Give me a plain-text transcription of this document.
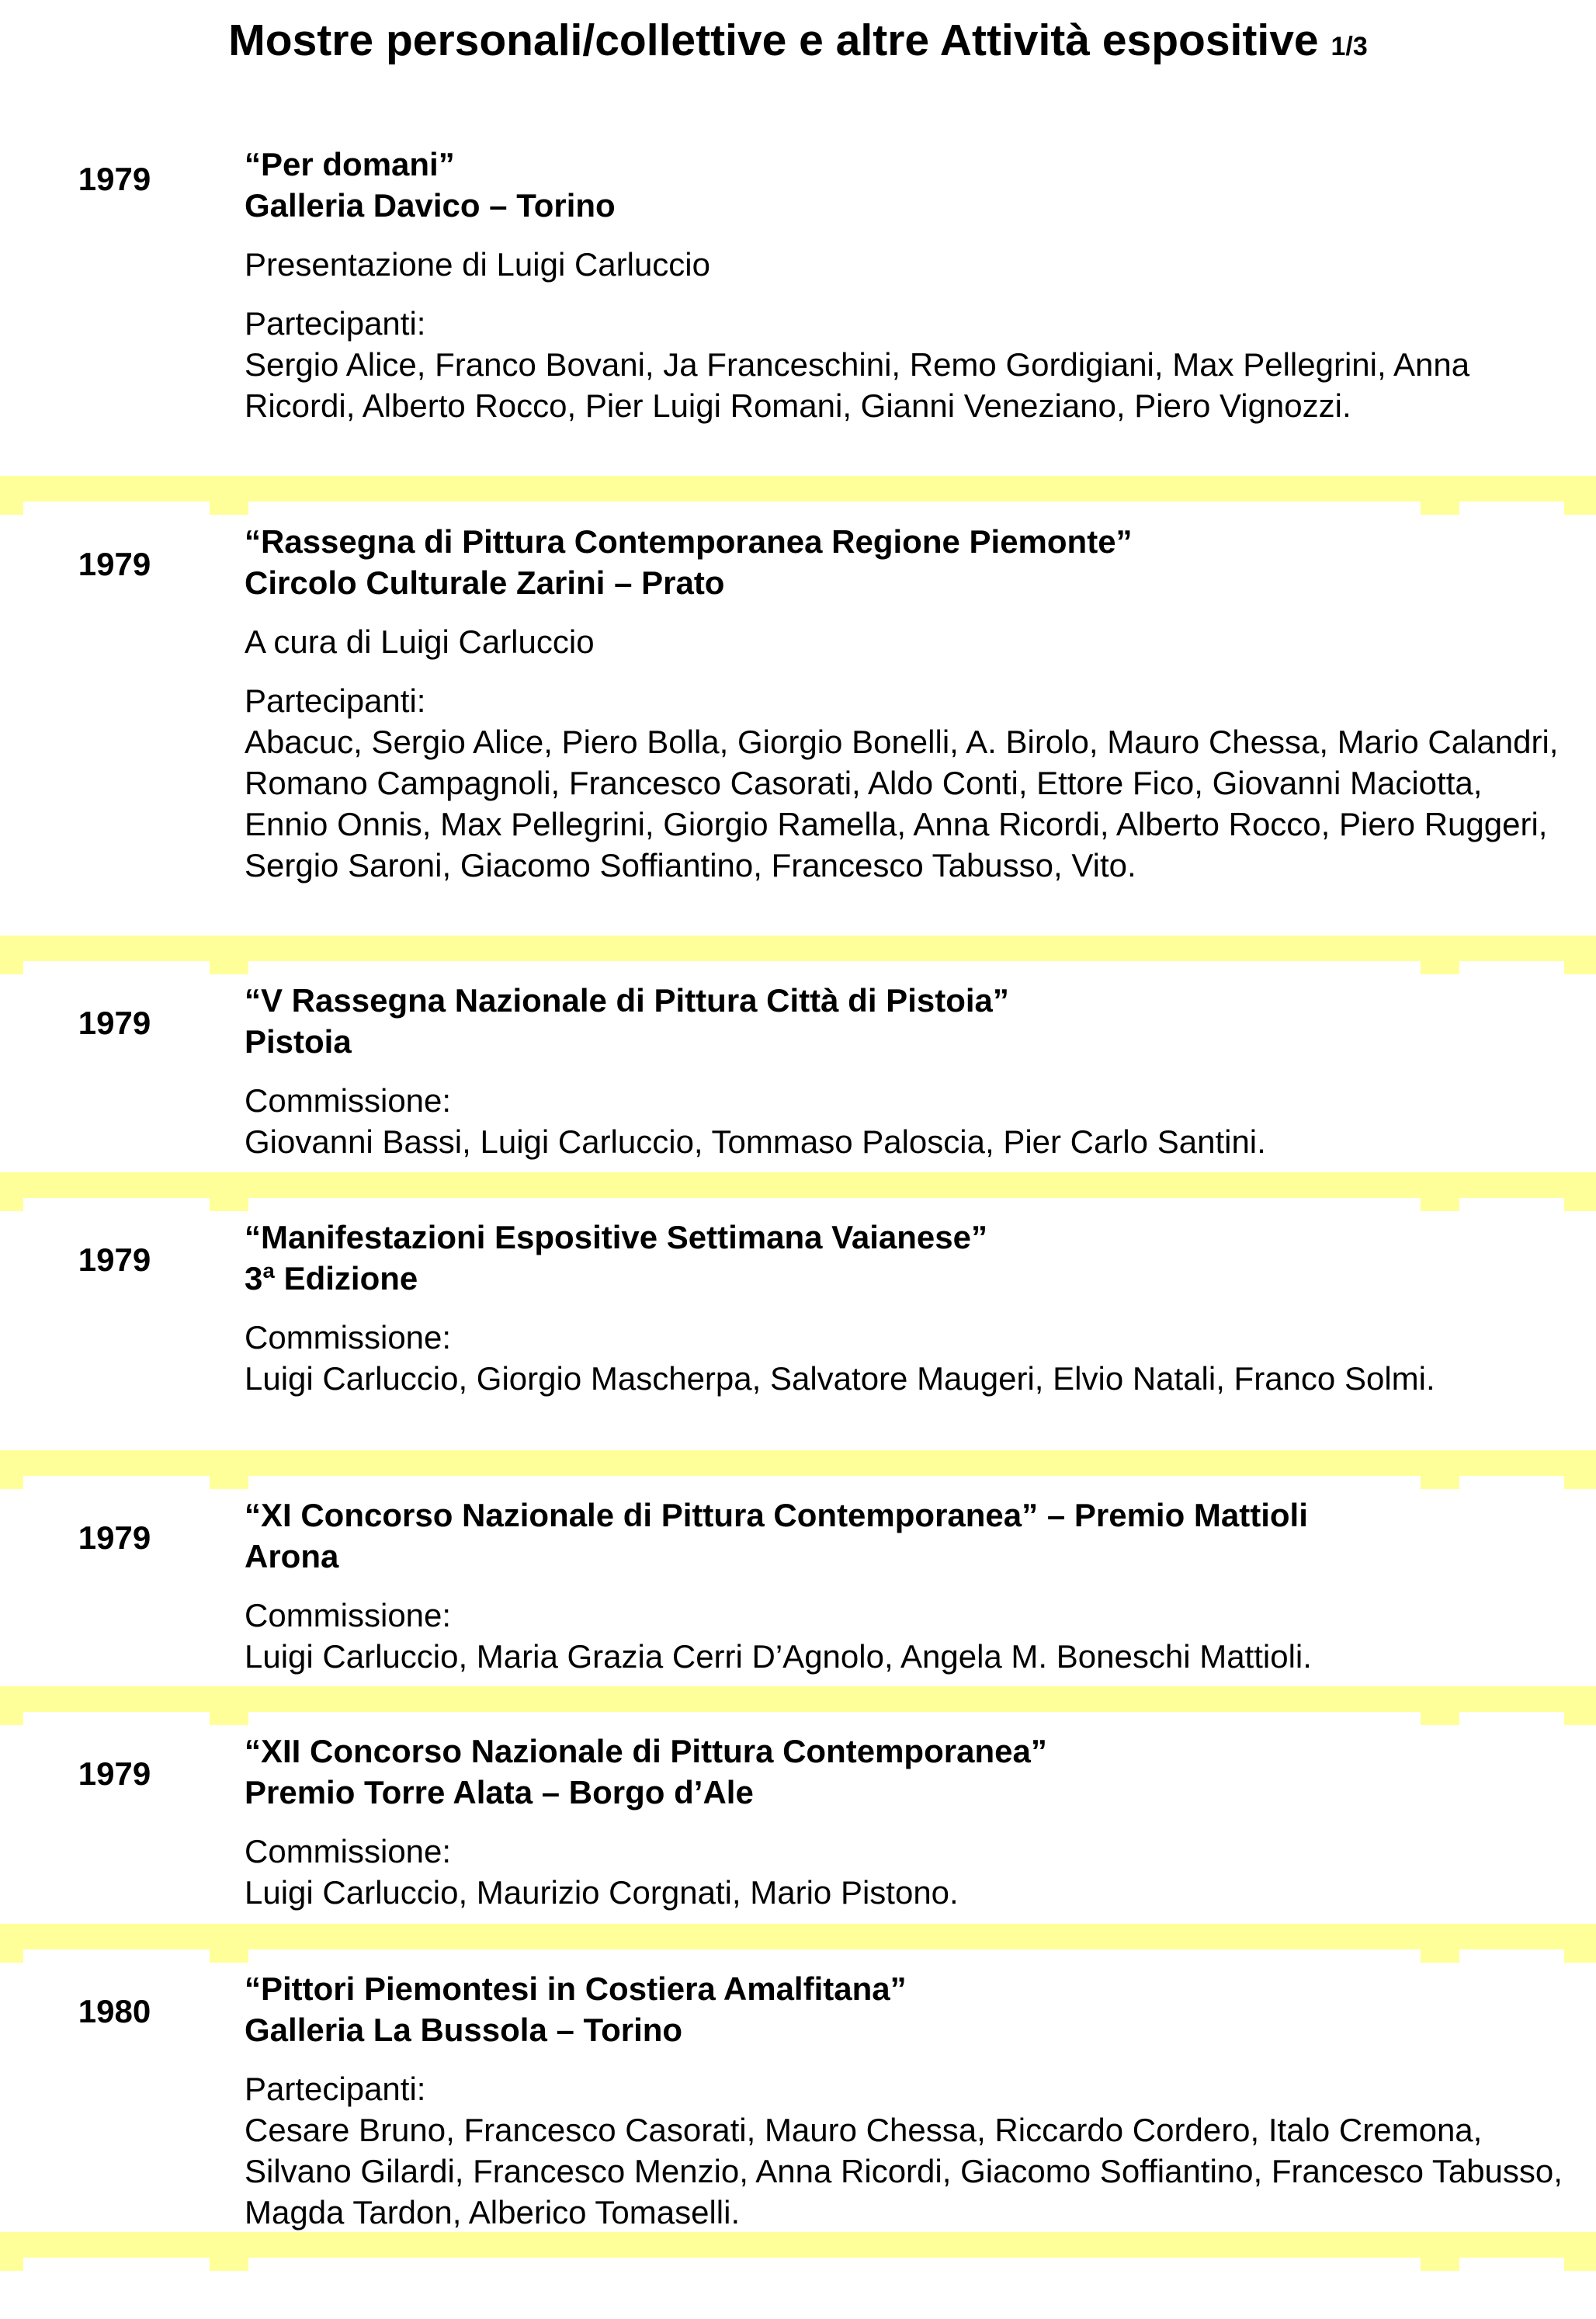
Mostre personali/collettive e altre Attività espositive 1/3
1979	“Per domani”
Galleria Davico – Torino
Presentazione di Luigi Carluccio
Partecipanti:
Sergio Alice, Franco Bovani, Ja Franceschini, Remo Gordigiani, Max Pellegrini, Anna Ricordi, Alberto Rocco, Pier Luigi Romani, Gianni Veneziano, Piero Vignozzi.
1979
“Rassegna di Pittura Contemporanea Regione Piemonte”
Circolo Culturale Zarini – Prato
A cura di Luigi Carluccio
Partecipanti:
Abacuc, Sergio Alice, Piero Bolla, Giorgio Bonelli, A. Birolo, Mauro Chessa, Mario Calandri, Romano Campagnoli, Francesco Casorati, Aldo Conti, Ettore Fico, Giovanni Maciotta, Ennio Onnis, Max Pellegrini, Giorgio Ramella, Anna Ricordi, Alberto Rocco, Piero Ruggeri, Sergio Saroni, Giacomo Soffiantino, Francesco Tabusso, Vito.
1979
“V Rassegna Nazionale di Pittura Città di Pistoia”
Pistoia
Commissione:
Giovanni Bassi, Luigi Carluccio, Tommaso Paloscia, Pier Carlo Santini.
1979
“Manifestazioni Espositive Settimana Vaianese”
3ª Edizione
Commissione:
Luigi Carluccio, Giorgio Mascherpa, Salvatore Maugeri, Elvio Natali, Franco Solmi.
1979
“XI Concorso Nazionale di Pittura Contemporanea” – Premio Mattioli
Arona
Commissione:
Luigi Carluccio, Maria Grazia Cerri D’Agnolo, Angela M. Boneschi Mattioli.
1979
“XII Concorso Nazionale di Pittura Contemporanea”
Premio Torre Alata – Borgo d’Ale
Commissione:
Luigi Carluccio, Maurizio Corgnati, Mario Pistono.
1980
“Pittori Piemontesi in Costiera Amalfitana”
Galleria La Bussola – Torino
Partecipanti:
Cesare Bruno, Francesco Casorati, Mauro Chessa, Riccardo Cordero, Italo Cremona, Silvano Gilardi, Francesco Menzio, Anna Ricordi, Giacomo Soffiantino, Francesco Tabusso, Magda Tardon, Alberico Tomaselli.
